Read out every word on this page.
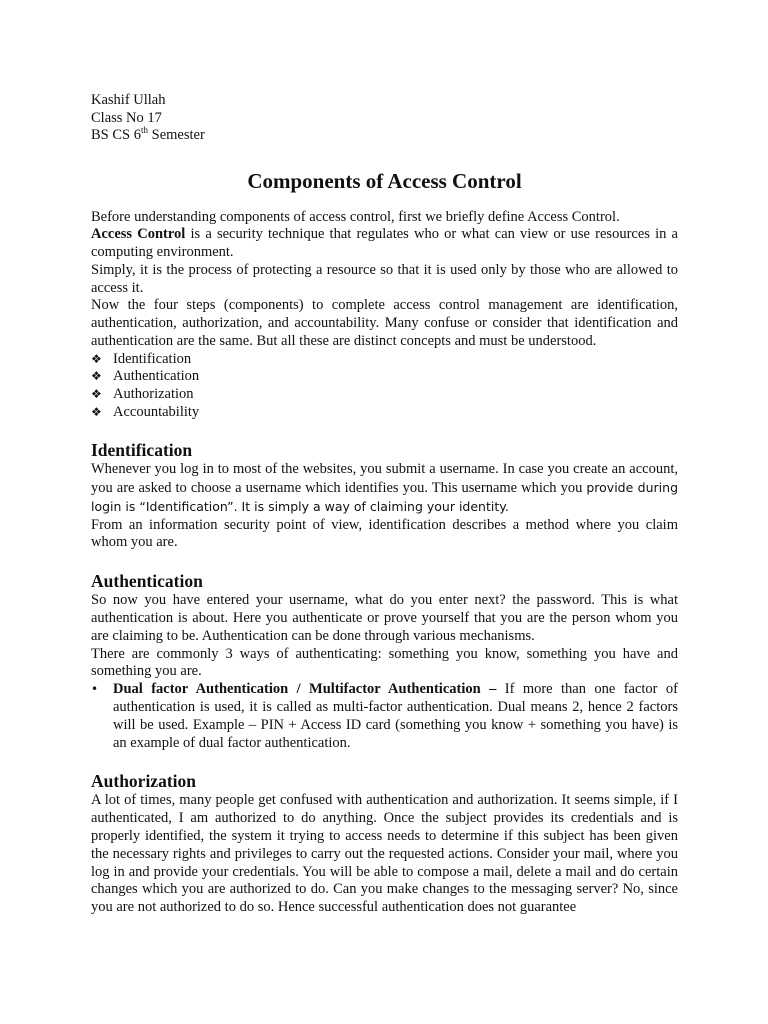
Kashif Ullah
Class No 17
BS CS 6th Semester
Components of Access Control

Before understanding components of access control, first we briefly define Access Control.

Access Control is a security technique that regulates who or what can view or use resources in a computing environment.

Simply, it is the process of protecting a resource so that it is used only by those who are allowed to access it.

Now the four steps (components) to complete access control management are identification, authentication, authorization, and accountability. Many confuse or consider that identification and authentication are the same. But all these are distinct concepts and must be understood.

❖ Identification
❖ Authentication
❖ Authorization
❖ Accountability
Identification

Whenever you log in to most of the websites, you submit a username. In case you create an account, you are asked to choose a username which identifies you. This username which you provide during login is “Identification”. It is simply a way of claiming your identity.

From an information security point of view, identification describes a method where you claim whom you are.

Authentication

So now you have entered your username, what do you enter next? the password. This is what authentication is about. Here you authenticate or prove yourself that you are the person whom you are claiming to be. Authentication can be done through various mechanisms.

There are commonly 3 ways of authenticating: something you know, something you have and something you are.

•	Dual factor Authentication / Multifactor Authentication – If more than one factor of authentication is used, it is called as multi-factor authentication. Dual means 2, hence 2 factors will be used. Example – PIN + Access ID card (something you know + something you have) is an example of dual factor authentication.
Authorization

A lot of times, many people get confused with authentication and authorization. It seems simple, if I authenticated, I am authorized to do anything. Once the subject provides its credentials and is properly identified, the system it trying to access needs to determine if this subject has been given the necessary rights and privileges to carry out the requested actions. Consider your mail, where you log in and provide your credentials. You will be able to compose a mail, delete a mail and do certain changes which you are authorized to do. Can you make changes to the messaging server? No, since you are not authorized to do so. Hence successful authentication does not guarantee
